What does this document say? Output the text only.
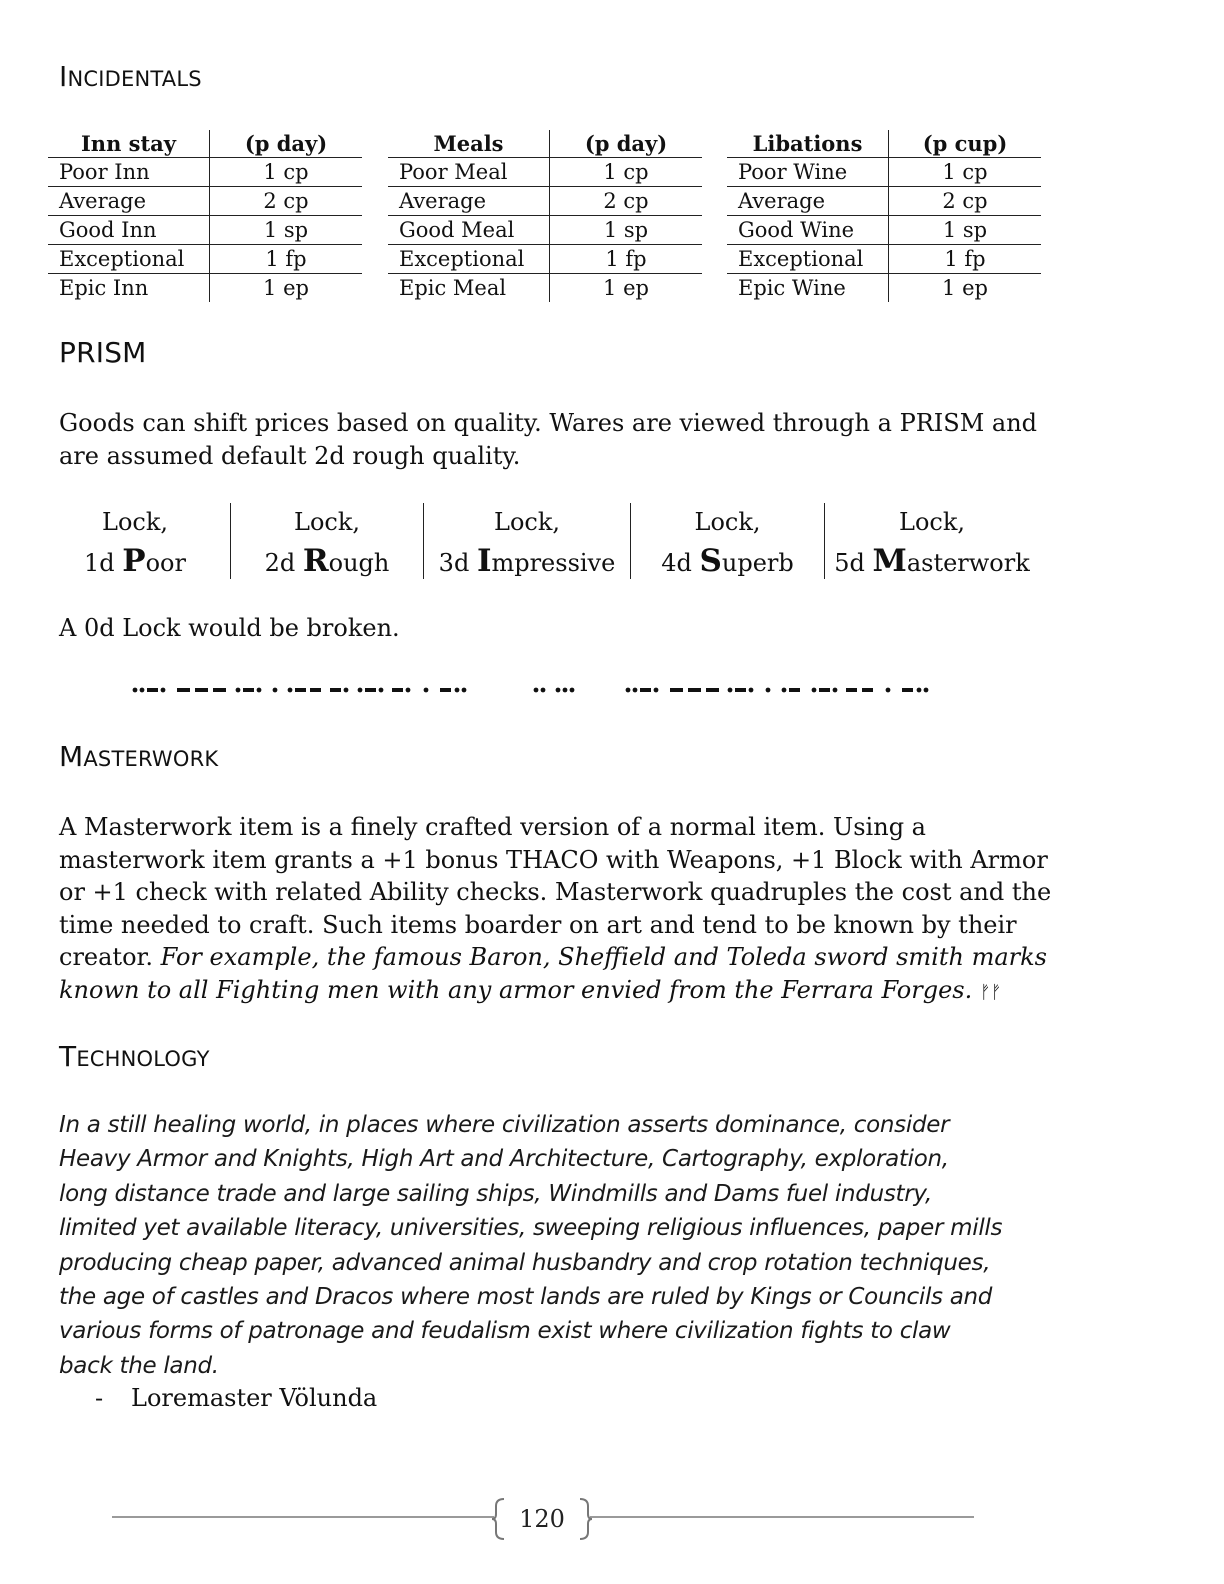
INCIDENTALS
Inn stay	(p day)
Poor Inn	1 cp
Average	2 cp
Good Inn	1 sp
Exceptional	1 fp
Epic Inn	1 ep
Meals	(p day)
Poor Meal	1 cp
Average	2 cp
Good Meal	1 sp
Exceptional	1 fp
Epic Meal	1 ep
Libations	(p cup)
Poor Wine	1 cp
Average	2 cp
Good Wine	1 sp
Exceptional	1 fp
Epic Wine	1 ep
PRISM

Goods can shift prices based on quality. Wares are viewed through a PRISM and
are assumed default 2d rough quality.

Lock,
1d Poor
Lock,
2d Rough
Lock,
3d Impressive
Lock,
4d Superb
Lock,
5d Masterwork

A 0d Lock would be broken.

MASTERWORK

A Masterwork item is a finely crafted version of a normal item. Using a
masterwork item grants a +1 bonus THACO with Weapons, +1 Block with Armor
or +1 check with related Ability checks. Masterwork quadruples the cost and the
time needed to craft. Such items boarder on art and tend to be known by their
creator. For example, the famous Baron, Sheffield and Toleda sword smith marks
known to all Fighting men with any armor envied from the Ferrara Forges. ᚠᚠ

TECHNOLOGY

In a still healing world, in places where civilization asserts dominance, consider
Heavy Armor and Knights, High Art and Architecture, Cartography, exploration,
long distance trade and large sailing ships, Windmills and Dams fuel industry,
limited yet available literacy, universities, sweeping religious influences, paper mills
producing cheap paper, advanced animal husbandry and crop rotation techniques,
the age of castles and Dracos where most lands are ruled by Kings or Councils and
various forms of patronage and feudalism exist where civilization fights to claw
back the land.

- Loremaster Völunda
120
